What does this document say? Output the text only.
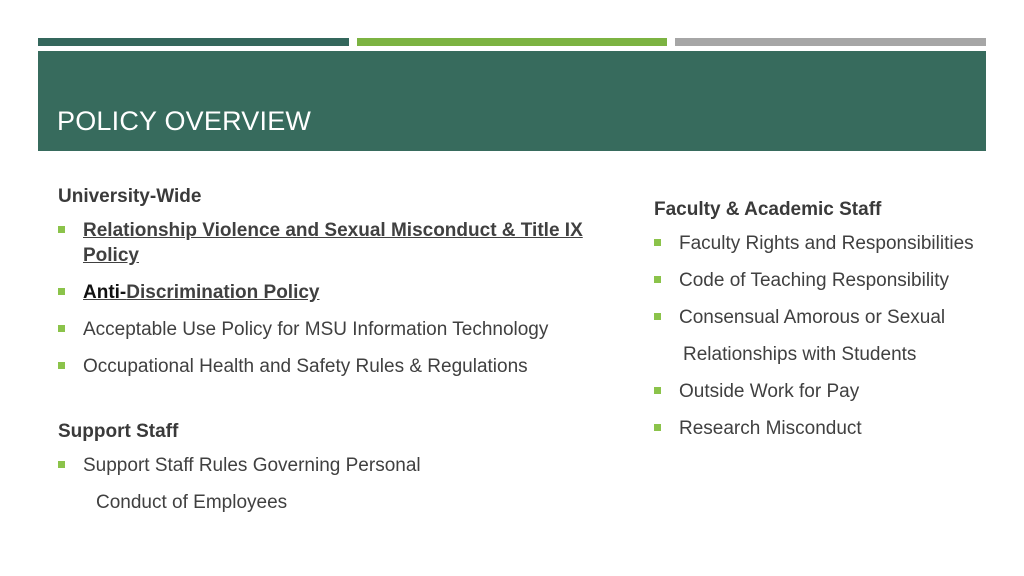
POLICY OVERVIEW
University-Wide
Relationship Violence and Sexual Misconduct & Title IX
Policy
Anti-Discrimination Policy
Acceptable Use Policy for MSU Information Technology
Occupational Health and Safety Rules & Regulations
Support Staff
Support Staff Rules Governing Personal
Conduct of Employees
Faculty & Academic Staff
Faculty Rights and Responsibilities
Code of Teaching Responsibility
Consensual Amorous or Sexual
Relationships with Students
Outside Work for Pay
Research Misconduct
